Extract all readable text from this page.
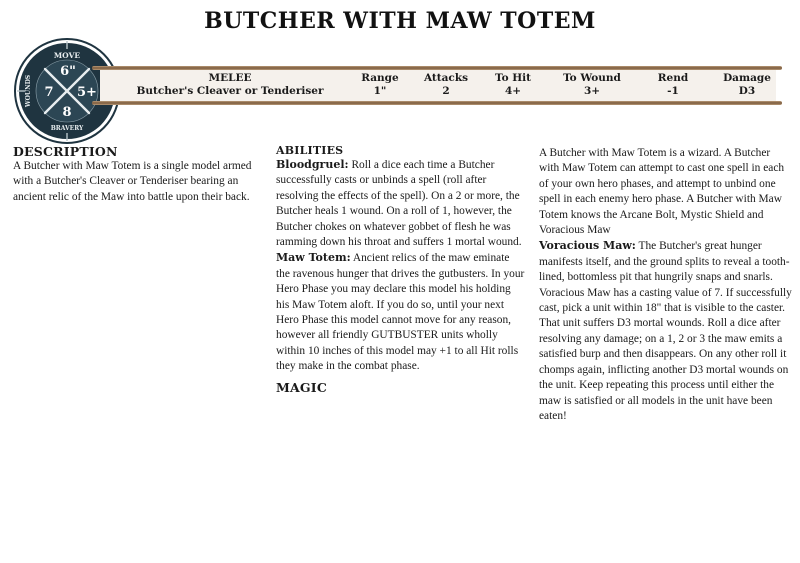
BUTCHER WITH MAW TOTEM
MOVE
BRAVERY
WOUNDS
6"
7 5+
8
MELEE	Range	Attacks	To Hit	To Wound	Rend	Damage
Butcher's Cleaver or Tenderiser	1"	2	4+	3+	-1	D3
DESCRIPTION

A Butcher with Maw Totem is a single model armed with a Butcher's Cleaver or Tenderiser bearing an ancient relic of the Maw into battle upon their back.

ABILITIES

Bloodgruel: Roll a dice each time a Butcher successfully casts or unbinds a spell (roll after resolving the effects of the spell). On a 2 or more, the Butcher heals 1 wound. On a roll of 1, however, the Butcher chokes on whatever gobbet of flesh he was ramming down his throat and suffers 1 mortal wound.

Maw Totem: Ancient relics of the maw eminate the ravenous hunger that drives the gutbusters. In your Hero Phase you may declare this model his holding his Maw Totem aloft. If you do so, until your next Hero Phase this model cannot move for any reason, however all friendly GUTBUSTER units wholly within 10 inches of this model may +1 to all Hit rolls they make in the combat phase.

MAGIC

A Butcher with Maw Totem is a wizard. A Butcher with Maw Totem can attempt to cast one spell in each of your own hero phases, and attempt to unbind one spell in each enemy hero phase. A Butcher with Maw Totem knows the Arcane Bolt, Mystic Shield and Voracious Maw

Voracious Maw: The Butcher's great hunger manifests itself, and the ground splits to reveal a tooth-lined, bottomless pit that hungrily snaps and snarls. Voracious Maw has a casting value of 7. If successfully cast, pick a unit within 18" that is visible to the caster. That unit suffers D3 mortal wounds. Roll a dice after resolving any damage; on a 1, 2 or 3 the maw emits a satisfied burp and then disappears. On any other roll it chomps again, inflicting another D3 mortal wounds on the unit. Keep repeating this process until either the maw is satisfied or all models in the unit have been eaten!
